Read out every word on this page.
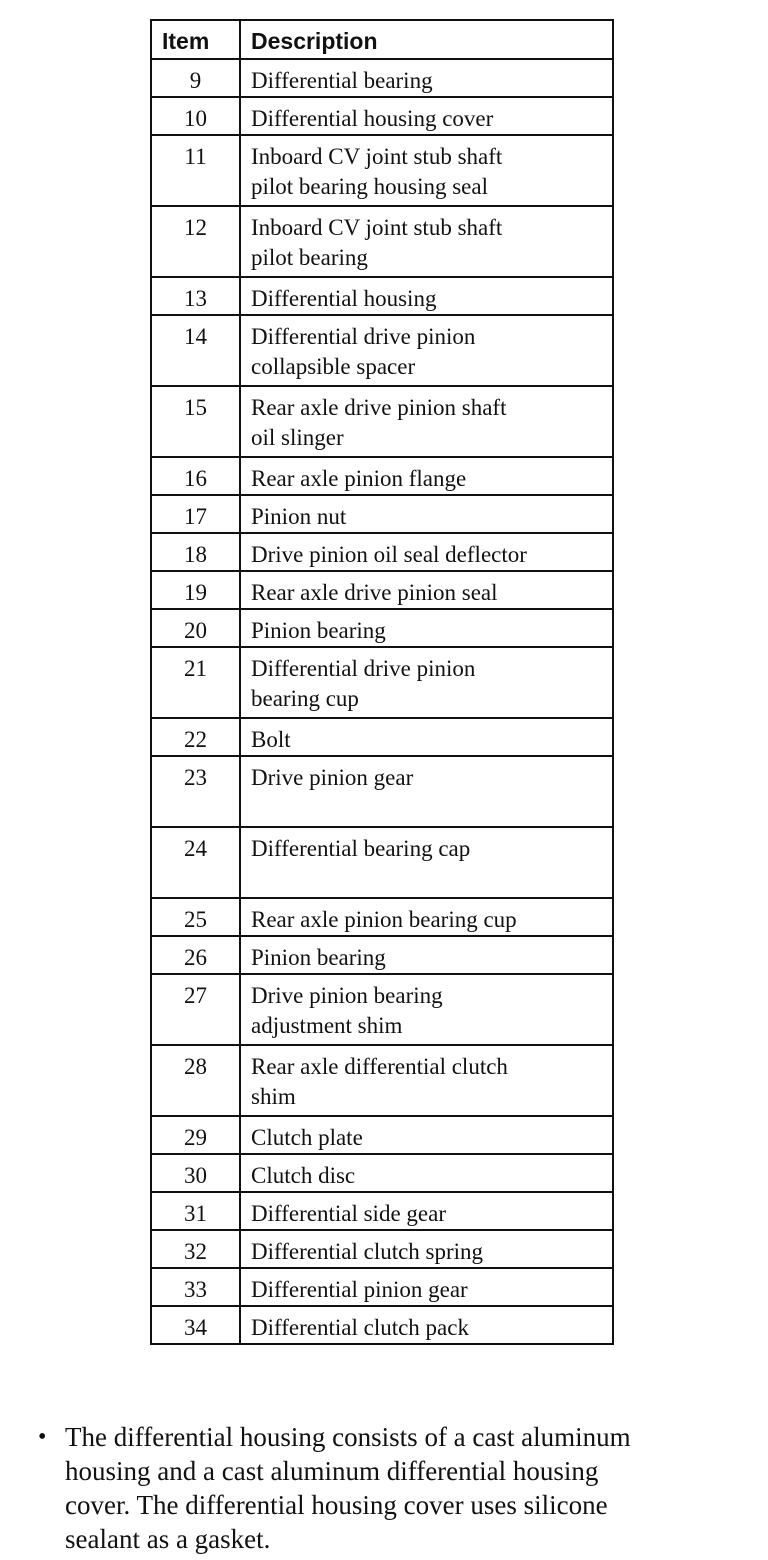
Item	Description
9	Differential bearing
10	Differential housing cover
11	Inboard CV joint stub shaft
pilot bearing housing seal
12	Inboard CV joint stub shaft
pilot bearing
13	Differential housing
14	Differential drive pinion
collapsible spacer
15	Rear axle drive pinion shaft
oil slinger
16	Rear axle pinion flange
17	Pinion nut
18	Drive pinion oil seal deflector
19	Rear axle drive pinion seal
20	Pinion bearing
21	Differential drive pinion
bearing cup
22	Bolt
23	Drive pinion gear
24	Differential bearing cap
25	Rear axle pinion bearing cup
26	Pinion bearing
27	Drive pinion bearing
adjustment shim
28	Rear axle differential clutch
shim
29	Clutch plate
30	Clutch disc
31	Differential side gear
32	Differential clutch spring
33	Differential pinion gear
34	Differential clutch pack
• The differential housing consists of a cast aluminum housing and a cast aluminum differential housing cover. The differential housing cover uses silicone sealant as a gasket.
